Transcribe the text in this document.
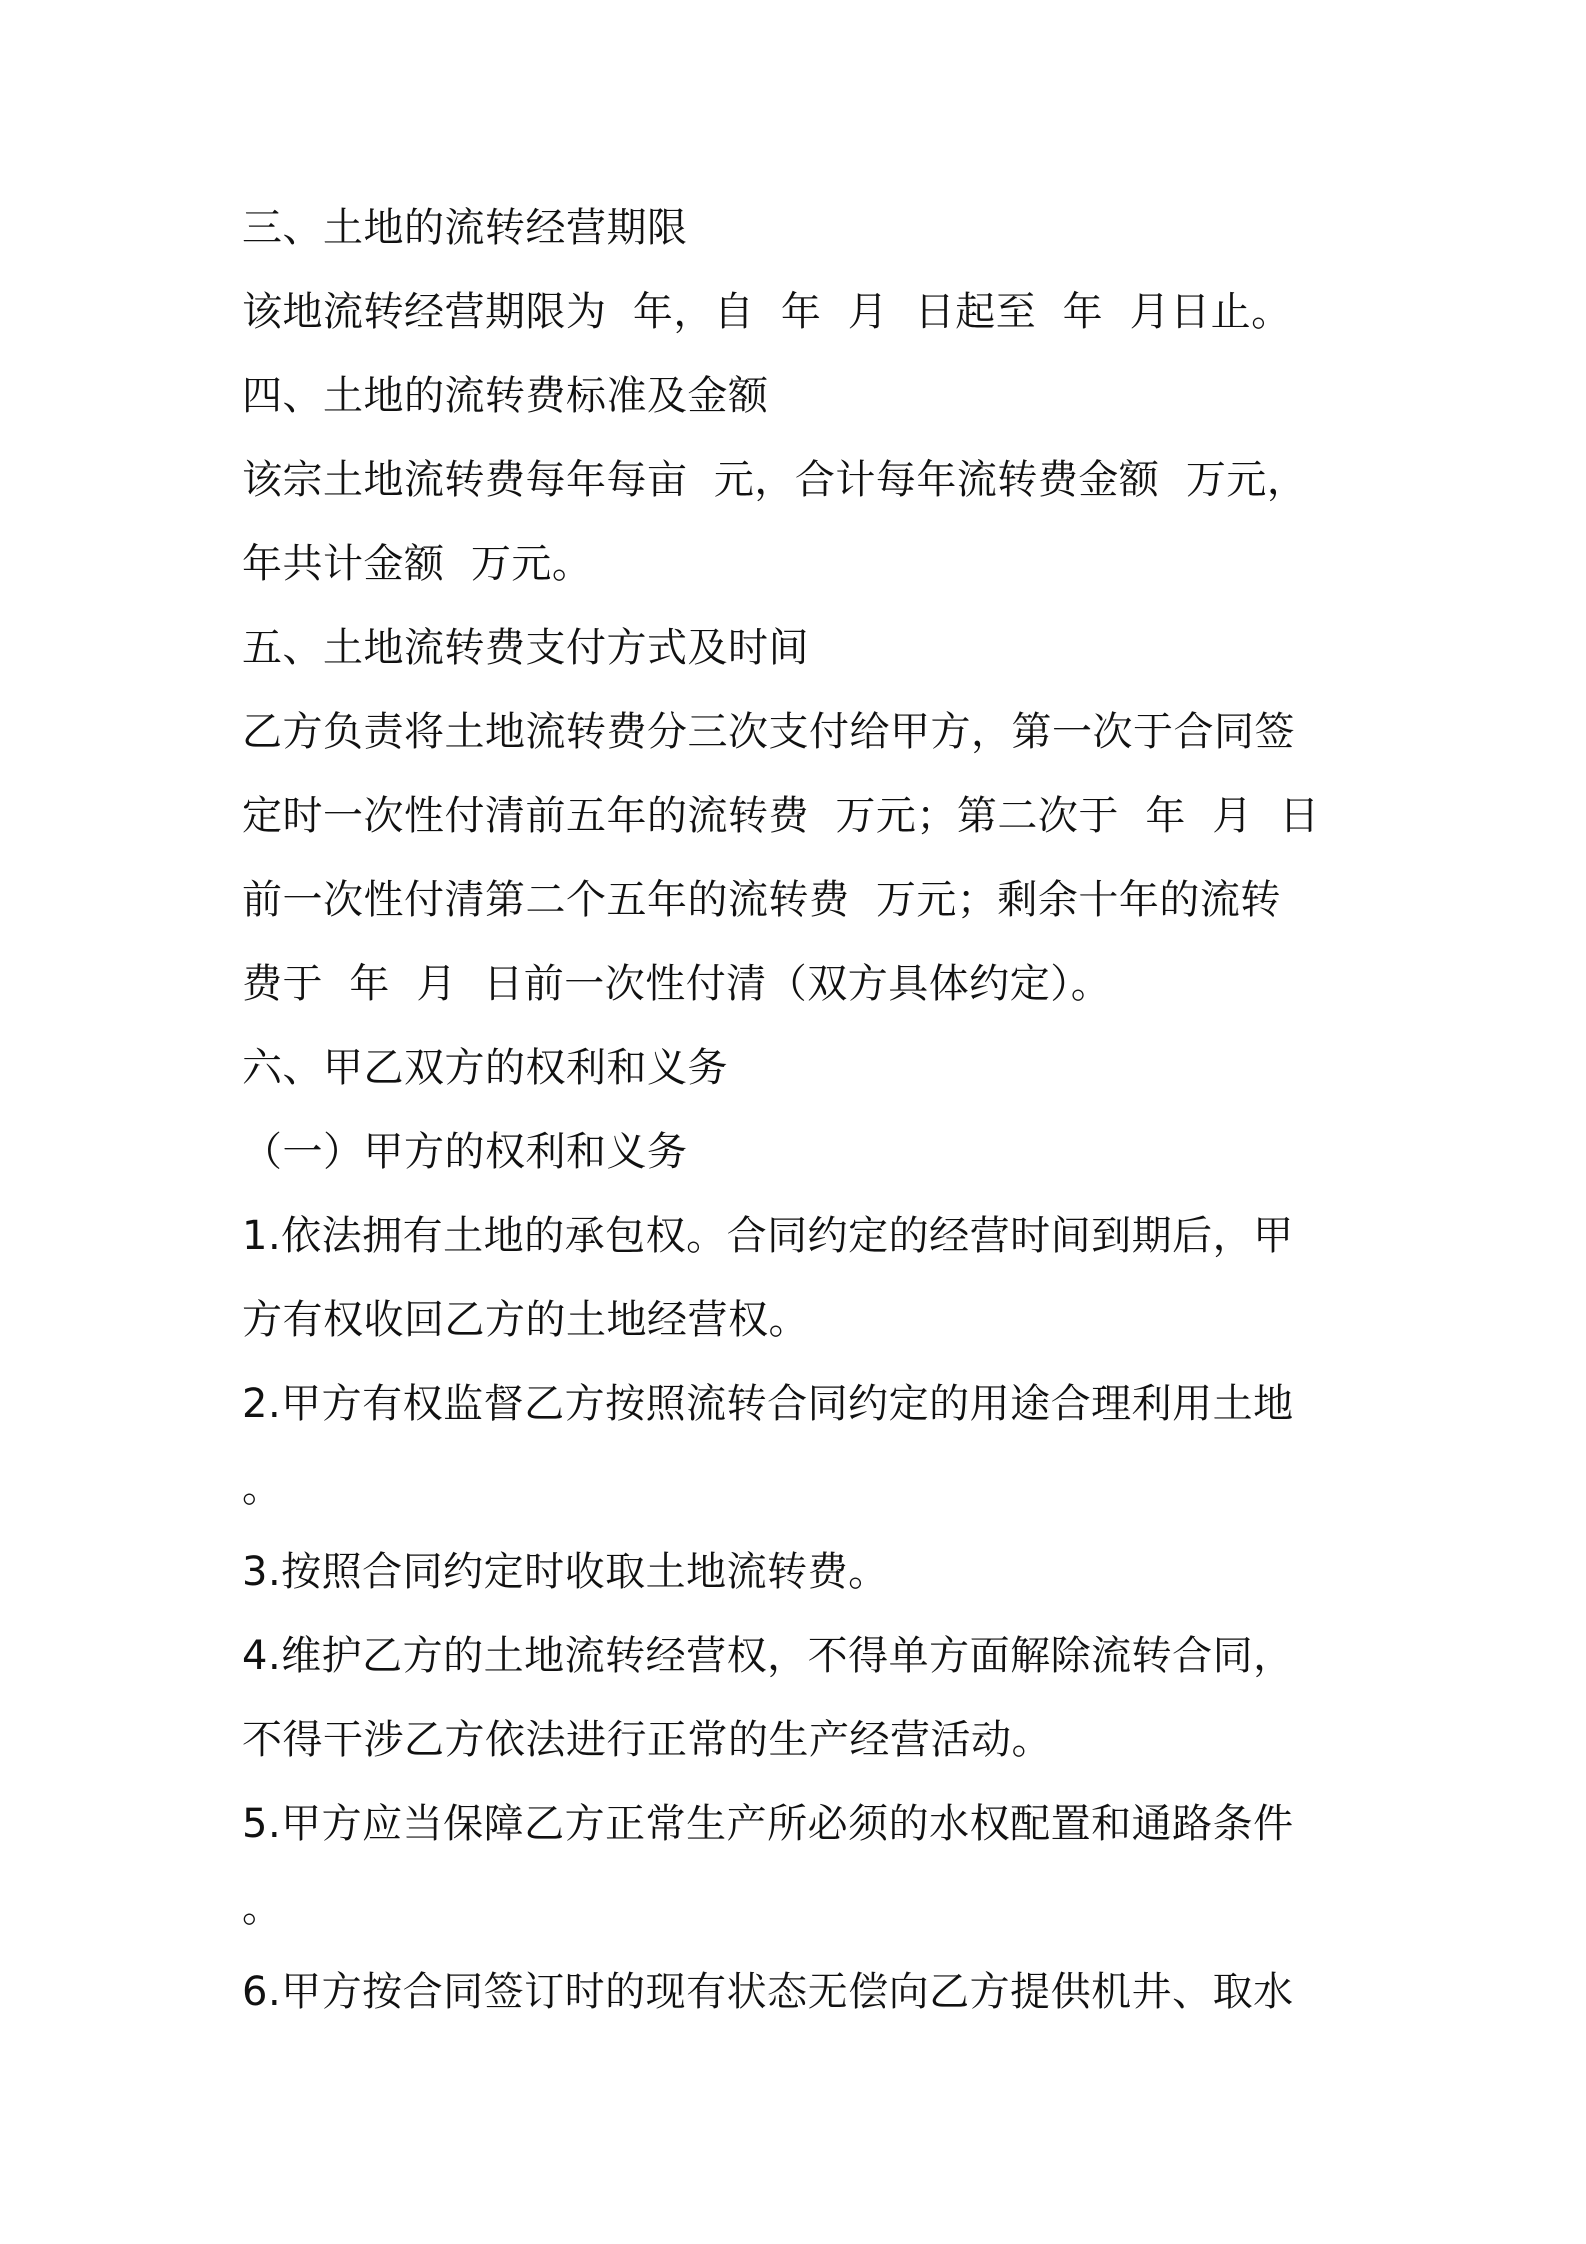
三、土地的流转经营期限

该地流转经营期限为  年，自  年  月  日起至  年  月日止。

四、土地的流转费标准及金额

该宗土地流转费每年每亩  元，合计每年流转费金额  万元，

年共计金额  万元。

五、土地流转费支付方式及时间

乙方负责将土地流转费分三次支付给甲方，第一次于合同签

定时一次性付清前五年的流转费  万元；第二次于  年  月  日

前一次性付清第二个五年的流转费  万元；剩余十年的流转

费于  年  月  日前一次性付清（双方具体约定）。

六、甲乙双方的权利和义务

（一）甲方的权利和义务

1.依法拥有土地的承包权。合同约定的经营时间到期后，甲

方有权收回乙方的土地经营权。

2.甲方有权监督乙方按照流转合同约定的用途合理利用土地

。

3.按照合同约定时收取土地流转费。

4.维护乙方的土地流转经营权，不得单方面解除流转合同，

不得干涉乙方依法进行正常的生产经营活动。

5.甲方应当保障乙方正常生产所必须的水权配置和通路条件

。

6.甲方按合同签订时的现有状态无偿向乙方提供机井、取水
